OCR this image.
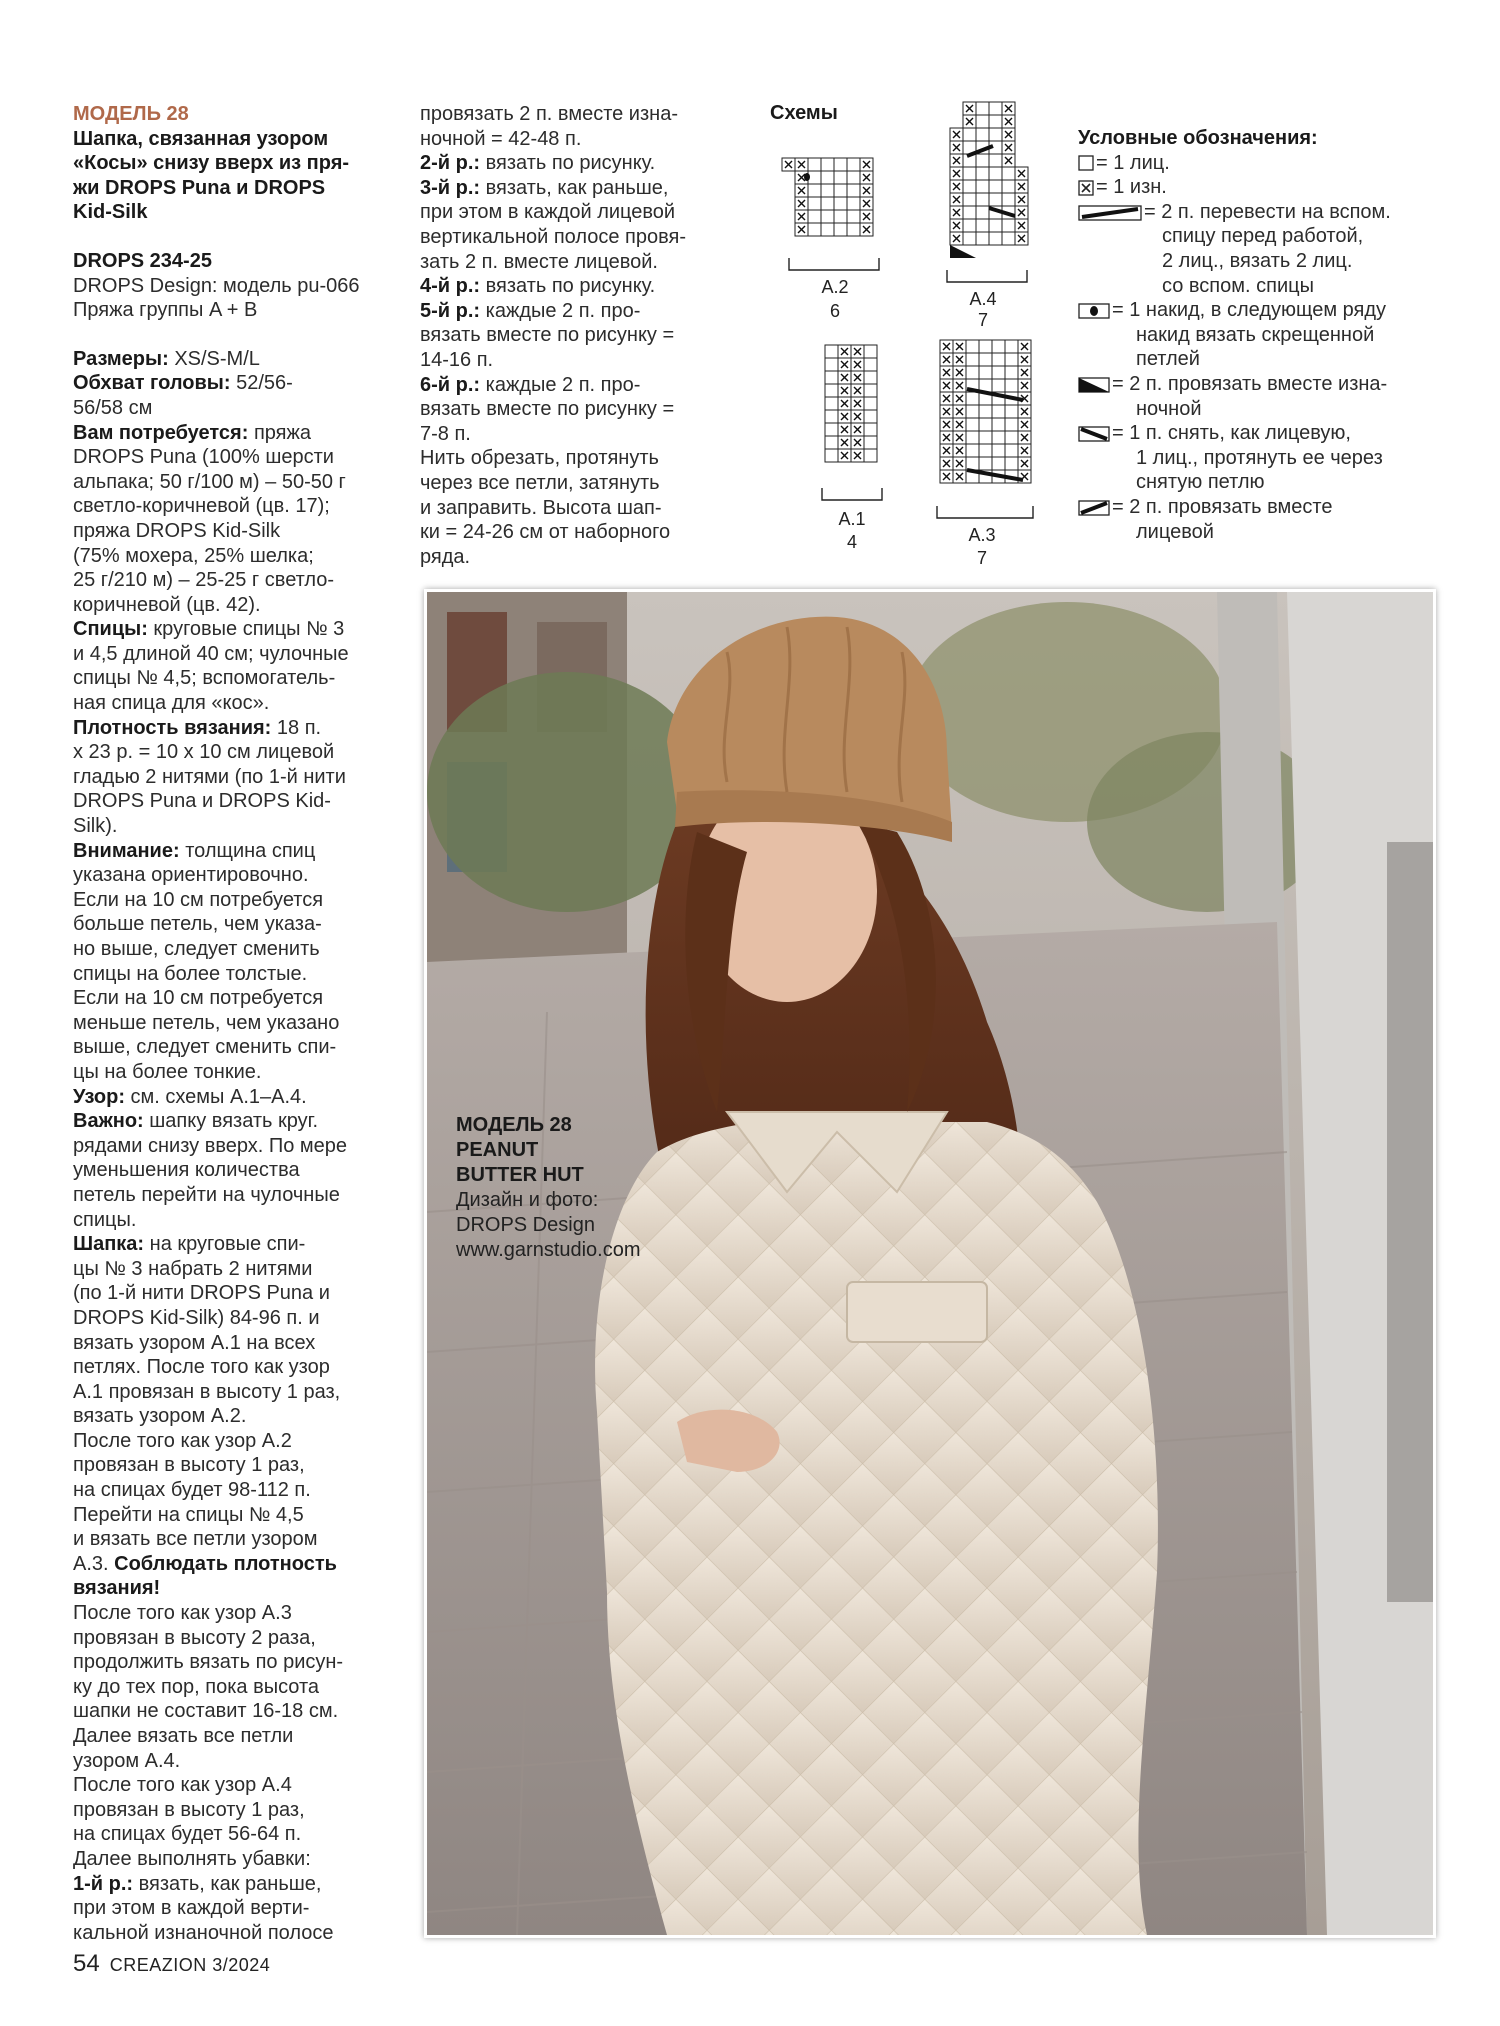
МОДЕЛЬ 28

Шапка, связанная узором

«Косы» снизу вверх из пря-

жи DROPS Puna и DROPS

Kid-Silk

DROPS 234-25

DROPS Design: модель pu-066

Пряжа группы A + B

Размеры: XS/S-M/L

Обхват головы: 52/56-

56/58 см

Вам потребуется: пряжа

DROPS Puna (100% шерсти

альпака; 50 г/100 м) – 50-50 г

светло-коричневой (цв. 17);

пряжа DROPS Kid-Silk

(75% мохера, 25% шелка;

25 г/210 м) – 25-25 г светло-

коричневой (цв. 42).

Спицы: круговые спицы № 3

и 4,5 длиной 40 см; чулочные

спицы № 4,5; вспомогатель-

ная спица для «кос».

Плотность вязания: 18 п.

х 23 р. = 10 х 10 см лицевой

гладью 2 нитями (по 1-й нити

DROPS Puna и DROPS Kid-

Silk).

Внимание: толщина спиц

указана ориентировочно.

Если на 10 см потребуется

больше петель, чем указа-

но выше, следует сменить

спицы на более толстые.

Если на 10 см потребуется

меньше петель, чем указано

выше, следует сменить спи-

цы на более тонкие.

Узор: см. схемы A.1–A.4.

Важно: шапку вязать круг.

рядами снизу вверх. По мере

уменьшения количества

петель перейти на чулочные

спицы.

Шапка: на круговые спи-

цы № 3 набрать 2 нитями

(по 1-й нити DROPS Puna и

DROPS Kid-Silk) 84-96 п. и

вязать узором A.1 на всех

петлях. После того как узор

A.1 провязан в высоту 1 раз,

вязать узором A.2.

После того как узор A.2

провязан в высоту 1 раз,

на спицах будет 98-112 п.

Перейти на спицы № 4,5

и вязать все петли узором

A.3. Соблюдать плотность

вязания!

После того как узор A.3

провязан в высоту 2 раза,

продолжить вязать по рисун-

ку до тех пор, пока высота

шапки не составит 16-18 см.

Далее вязать все петли

узором A.4.

После того как узор A.4

провязан в высоту 1 раз,

на спицах будет 56-64 п.

Далее выполнять убавки:

1-й р.: вязать, как раньше,

при этом в каждой верти-

кальной изнаночной полосе

провязать 2 п. вместе изна-

ночной = 42-48 п.

2-й р.: вязать по рисунку.

3-й р.: вязать, как раньше,

при этом в каждой лицевой

вертикальной полосе провя-

зать 2 п. вместе лицевой.

4-й р.: вязать по рисунку.

5-й р.: каждые 2 п. про-

вязать вместе по рисунку =

14-16 п.

6-й р.: каждые 2 п. про-

вязать вместе по рисунку =

7-8 п.

Нить обрезать, протянуть

через все петли, затянуть

и заправить. Высота шап-

ки = 24-26 см от наборного

ряда.

Схемы
A.2
6
A.4
7
A.1
4	A.3
7
Условные обозначения:
= 1 лиц.
= 1 изн.
= 2 п. перевести на вспом.
спицу перед работой,
2 лиц., вязать 2 лиц.
со вспом. спицы
= 1 накид, в следующем ряду
накид вязать скрещенной
петлей
= 2 п. провязать вместе изна-
ночной
= 1 п. снять, как лицевую,
1 лиц., протянуть ее через
снятую петлю
= 2 п. провязать вместе
лицевой
МОДЕЛЬ 28
PEANUT
BUTTER HUT
Дизайн и фото:
DROPS Design
www.garnstudio.com
54 CREAZION 3/2024
